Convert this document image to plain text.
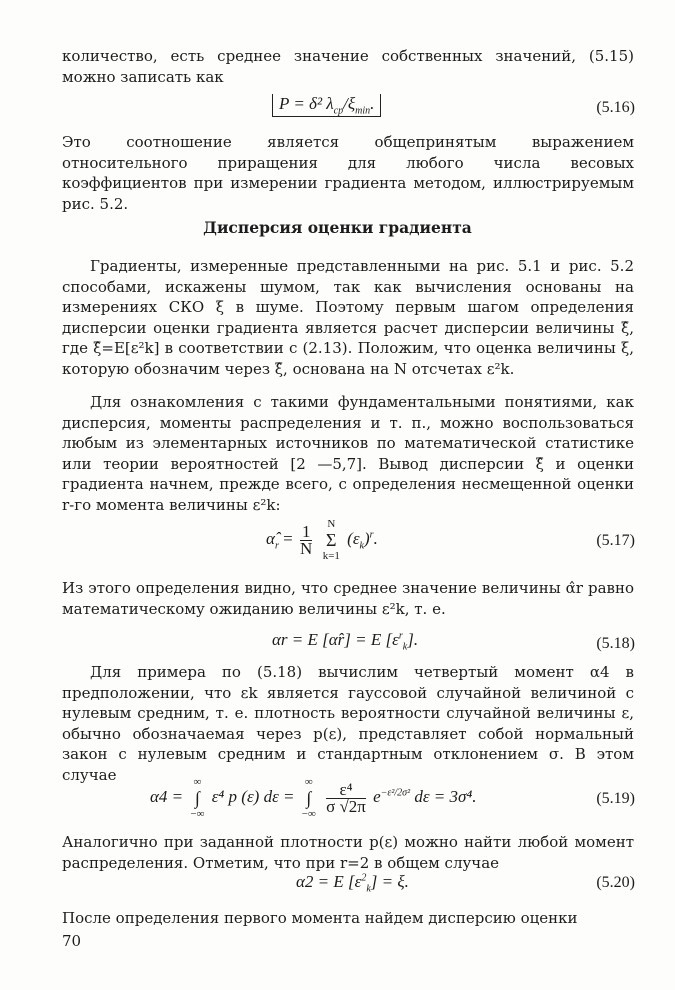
количество, есть среднее значение собственных значений, (5.15) можно записать как

P = δ² $\lambda_{ср}/\xi_{min}$.	(5.16)

Это соотношение является общепринятым выражением относительного приращения для любого числа весовых коэффициентов при измерении градиента методом, иллюстрируемым рис. 5.2.

Дисперсия оценки градиента

Градиенты, измеренные представленными на рис. 5.1 и рис. 5.2 способами, искажены шумом, так как вычисления основаны на измерениях СКО ξ в шуме. Поэтому первым шагом определения дисперсии оценки градиента является расчет дисперсии величины ξ̂, где ξ̂=E[ε²k] в соответствии с (2.13). Положим, что оценка величины ξ, которую обозначим через ξ̂, основана на N отсчетах ε²k.

Для ознакомления с такими фундаментальными понятиями, как дисперсия, моменты распределения и т. п., можно воспользоваться любым из элементарных источников по математической статистике или теории вероятностей [2 —5,7]. Вывод дисперсии ξ̂ и оценки градиента начнем, прежде всего, с определения несмещенной оценки r-го момента величины ε²k:

$\alphâ_r = \frac{1}{N}$
	N
Σ
k=1
$(\varepsilon_k)^r$.	(5.17)

Из этого определения видно, что среднее значение величины α̂r равно математическому ожиданию величины ε²k, т. е.

αr = E [α̂r] = E $[\varepsilon^r_k]$.	(5.18)

Для примера по (5.18) вычислим четвертый момент α4 в предположении, что εk является гауссовой случайной величиной с нулевым средним, т. е. плотность вероятности случайной величины ε, обычно обозначаемая через p(ε), представляет собой нормальный закон с нулевым средним и стандартным отклонением σ. В этом случае

α4 =
∞
∫
−∞
ε⁴ p (ε) dε =
∞
∫
−∞
$\frac{\text{ε⁴}}{\sigma √2\pi} e^{-\varepsilon^2/2\sigma^2}$ dε = 3σ⁴.	(5.19)

Аналогично при заданной плотности p(ε) можно найти любой момент распределения. Отметим, что при r=2 в общем случае

α2 = E $[\varepsilon^2_k] = \xi$.	(5.20)

После определения первого момента найдем дисперсию оценки

70
